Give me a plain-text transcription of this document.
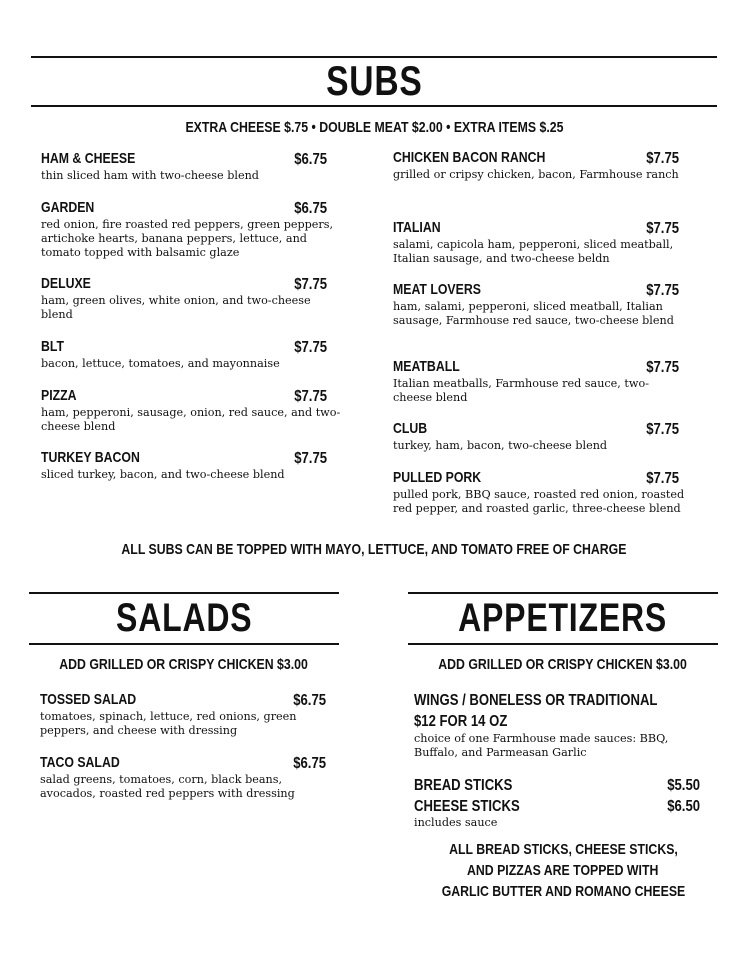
SUBS
EXTRA CHEESE $.75 • DOUBLE MEAT $2.00 • EXTRA ITEMS $.25
HAM & CHEESE	$6.75

thin sliced ham with two-cheese blend

GARDEN	$6.75

red onion, fire roasted red peppers, green peppers, artichoke hearts, banana peppers, lettuce, and tomato topped with balsamic glaze

DELUXE	$7.75

ham, green olives, white onion, and two-cheese blend

BLT	$7.75

bacon, lettuce, tomatoes, and mayonnaise

PIZZA	$7.75

ham, pepperoni, sausage, onion, red sauce, and two-cheese blend

TURKEY BACON	$7.75

sliced turkey, bacon, and two-cheese blend

CHICKEN BACON RANCH	$7.75

grilled or cripsy chicken, bacon, Farmhouse ranch

ITALIAN	$7.75

salami, capicola ham, pepperoni, sliced meatball, Italian sausage, and two-cheese beldn

MEAT LOVERS	$7.75

ham, salami, pepperoni, sliced meatball, Italian sausage, Farmhouse red sauce, two-cheese blend

MEATBALL	$7.75

Italian meatballs, Farmhouse red sauce, two-cheese blend

CLUB	$7.75

turkey, ham, bacon, two-cheese blend

PULLED PORK	$7.75

pulled pork, BBQ sauce, roasted red onion, roasted red pepper, and roasted garlic, three-cheese blend

ALL SUBS CAN BE TOPPED WITH MAYO, LETTUCE, AND TOMATO FREE OF CHARGE
SALADS
ADD GRILLED OR CRISPY CHICKEN $3.00
TOSSED SALAD	$6.75

tomatoes, spinach, lettuce, red onions, green peppers, and cheese with dressing

TACO SALAD	$6.75

salad greens, tomatoes, corn, black beans, avocados, roasted red peppers with dressing

APPETIZERS
ADD GRILLED OR CRISPY CHICKEN $3.00
WINGS / BONELESS OR TRADITIONAL
$12 FOR 14 OZ

choice of one Farmhouse made sauces: BBQ, Buffalo, and Parmeasan Garlic

BREAD STICKS	$5.50
CHEESE STICKS	$6.50

includes sauce

ALL BREAD STICKS, CHEESE STICKS,
AND PIZZAS ARE TOPPED WITH
GARLIC BUTTER AND ROMANO CHEESE
